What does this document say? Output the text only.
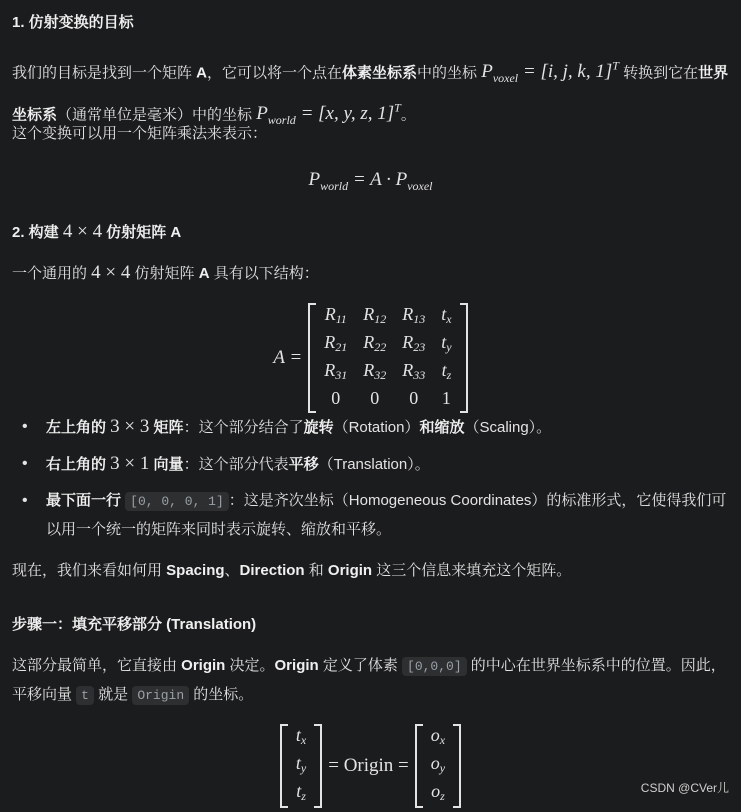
1. 仿射变换的目标
我们的目标是找到一个矩阵 A，它可以将一个点在体素坐标系中的坐标 $P_{voxel} = [i$, j, k, 1]$^T$ 转换到它在世界坐标系（通常单位是毫米）中的坐标 $P_{world} = [x$, y, z, 1]$^T$。
这个变换可以用一个矩阵乘法来表示：
$P_{world} = A \cdot P_{voxel}$
2. 构建 4 × 4 仿射矩阵 A
一个通用的 4 × 4 仿射矩阵 A 具有以下结构：
A =
R11	R12	R13	tx
R21	R22	R23	ty
R31	R32	R33	tz
0	0	0	1
• 左上角的 3 × 3 矩阵：这个部分结合了旋转（Rotation）和缩放（Scaling）。
• 右上角的 3 × 1 向量：这个部分代表平移（Translation）。
• 最下面一行 [0, 0, 0, 1] ：这是齐次坐标（Homogeneous Coordinates）的标准形式，它使得我们可以用一个统一的矩阵来同时表示旋转、缩放和平移。
现在，我们来看如何用 Spacing、Direction 和 Origin 这三个信息来填充这个矩阵。
步骤一：填充平移部分 (Translation)
这部分最简单，它直接由 Origin 决定。Origin 定义了体素 [0,0,0] 的中心在世界坐标系中的位置。因此，平移向量 t 就是 Origin 的坐标。
tx
ty
tz
= Origin =
ox
oy
oz
CSDN @CVer儿
